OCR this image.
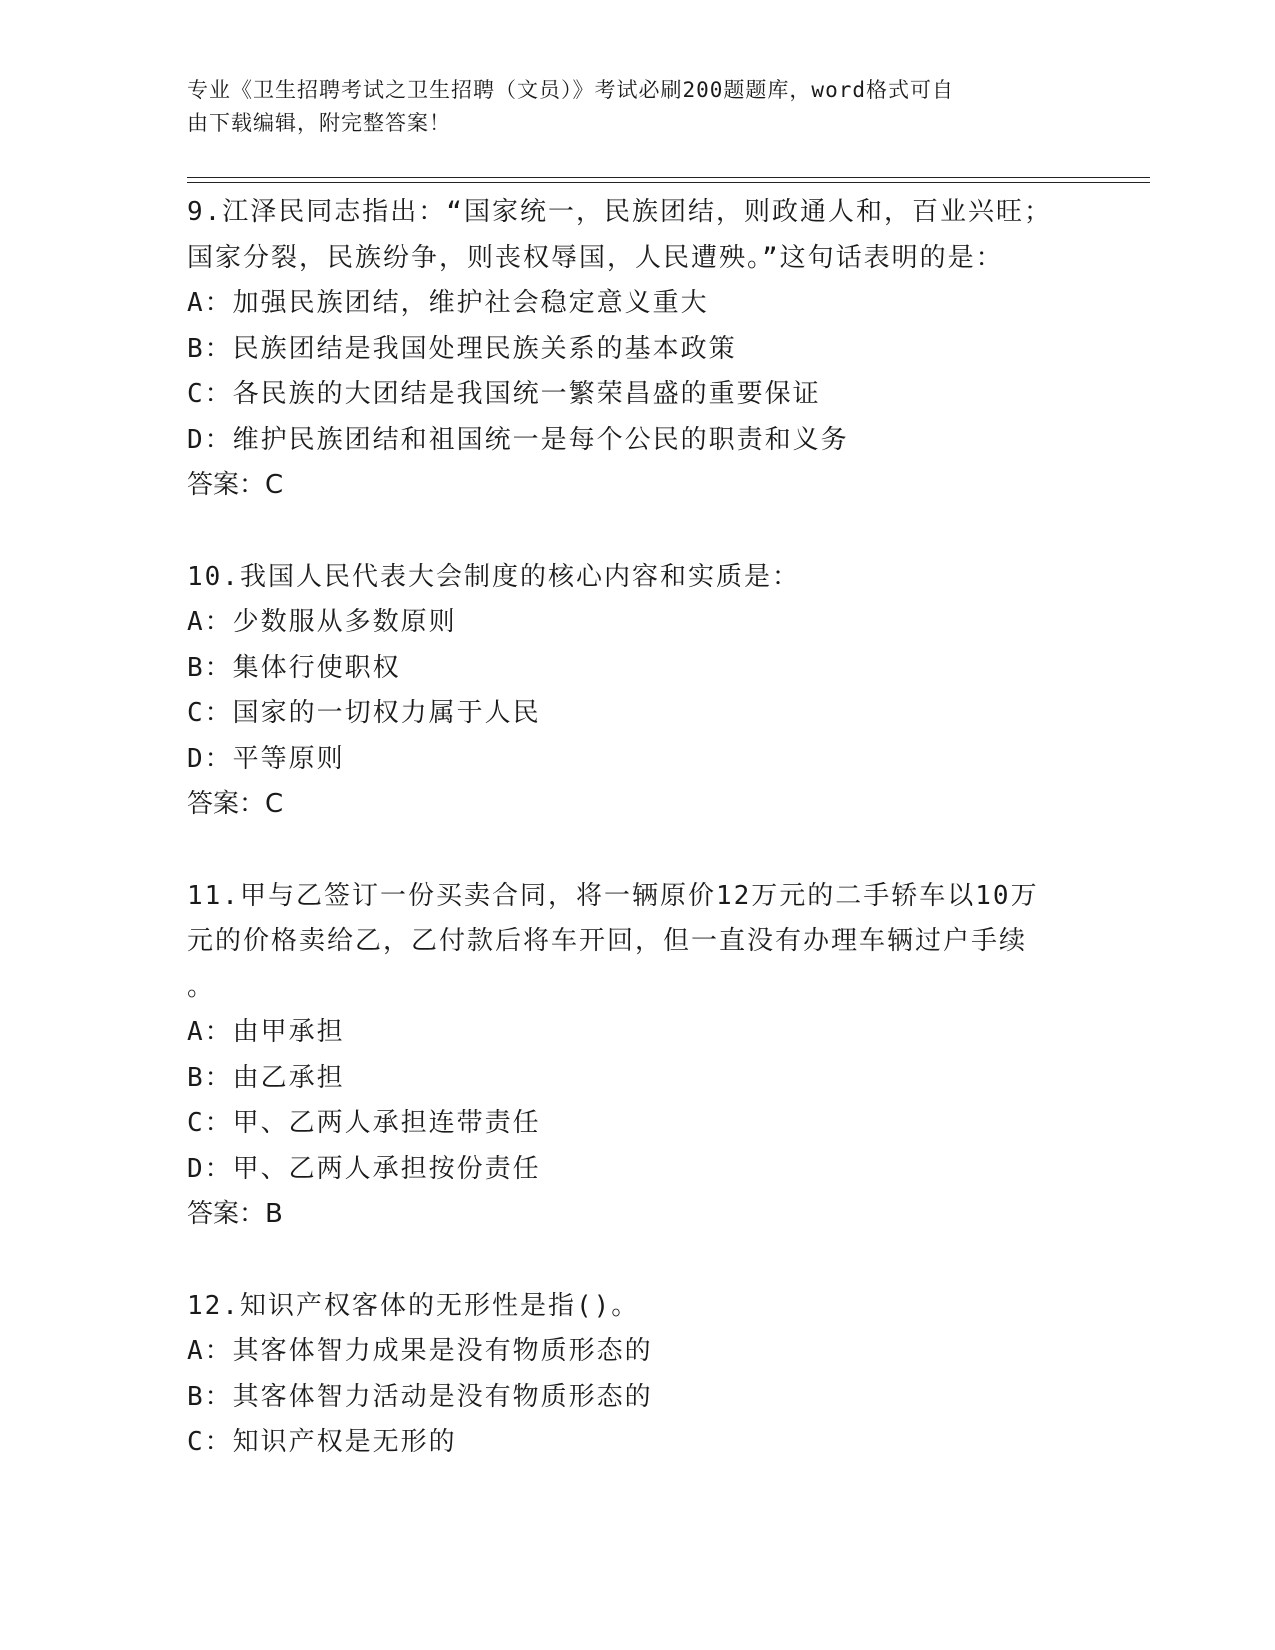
专业《卫生招聘考试之卫生招聘（文员）》考试必刷200题题库，word格式可自
由下载编辑，附完整答案！
9.江泽民同志指出：“国家统一，民族团结，则政通人和，百业兴旺；
国家分裂，民族纷争，则丧权辱国，人民遭殃。”这句话表明的是：
A：加强民族团结，维护社会稳定意义重大
B：民族团结是我国处理民族关系的基本政策
C：各民族的大团结是我国统一繁荣昌盛的重要保证
D：维护民族团结和祖国统一是每个公民的职责和义务
答案：C
10.我国人民代表大会制度的核心内容和实质是：
A：少数服从多数原则
B：集体行使职权
C：国家的一切权力属于人民
D：平等原则
答案：C
11.甲与乙签订一份买卖合同，将一辆原价12万元的二手轿车以10万
元的价格卖给乙，乙付款后将车开回，但一直没有办理车辆过户手续
。
A：由甲承担
B：由乙承担
C：甲、乙两人承担连带责任
D：甲、乙两人承担按份责任
答案：B
12.知识产权客体的无形性是指()。
A：其客体智力成果是没有物质形态的
B：其客体智力活动是没有物质形态的
C：知识产权是无形的
